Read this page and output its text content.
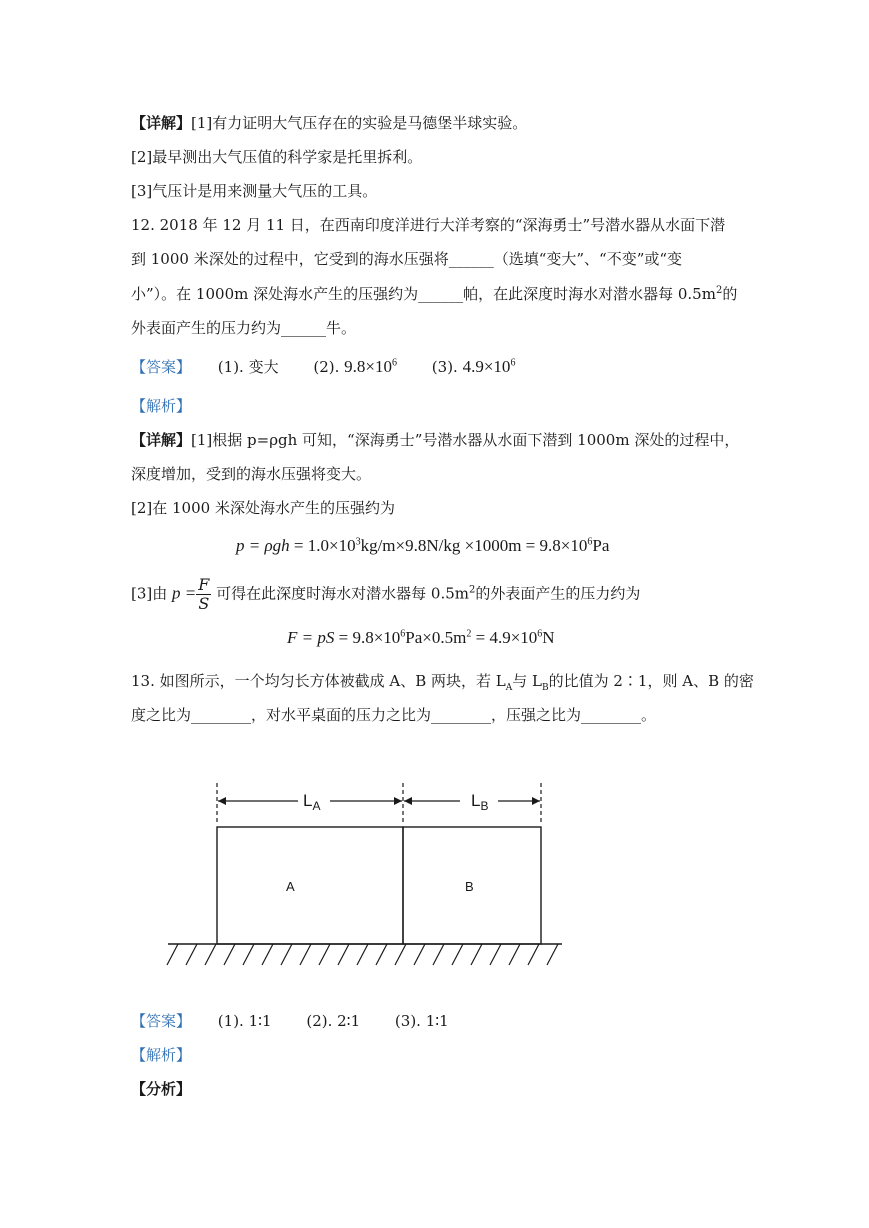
【详解】[1]有力证明大气压存在的实验是马德堡半球实验。
[2]最早测出大气压值的科学家是托里拆利。
[3]气压计是用来测量大气压的工具。
12. 2018 年 12 月 11 日，在西南印度洋进行大洋考察的“深海勇士”号潜水器从水面下潜
到 1000 米深处的过程中，它受到的海水压强将______（选填“变大”、“不变”或“变
小”）。在 1000m 深处海水产生的压强约为______帕，在此深度时海水对潜水器每 $0.5m^2$的
外表面产生的压力约为______牛。
【答案】 (1). 变大 (2). $9.8\times 10^6$ (3). $4.9\times 10^6$
【解析】
【详解】[1]根据 p=ρgh 可知，“深海勇士”号潜水器从水面下潜到 1000m 深处的过程中，
深度增加，受到的海水压强将变大。
[2]在 1000 米深处海水产生的压强约为
$p = \rho gh = 1.0\times 10^3kg/m\times 9.8N/kg \times 1000m = 9.8\times 10^6Pa$
[3]由 $p = \frac{F}{S}$ 可得在此深度时海水对潜水器每 $0.5m^2$的外表面产生的压力约为
F = pS = $9.8\times 10^6Pa\times 0.5m^2 = 4.9\times 10^6N$
13. 如图所示，一个均匀长方体被截成 A、B 两块，若 $L_A$与 $L_B$的比值为 2∶1，则 A、B 的密
度之比为________，对水平桌面的压力之比为________，压强之比为________。
$L_A$	$L_B$
A	B
【答案】 (1). 1∶1 (2). 2∶1 (3). 1∶1
【解析】
【分析】
